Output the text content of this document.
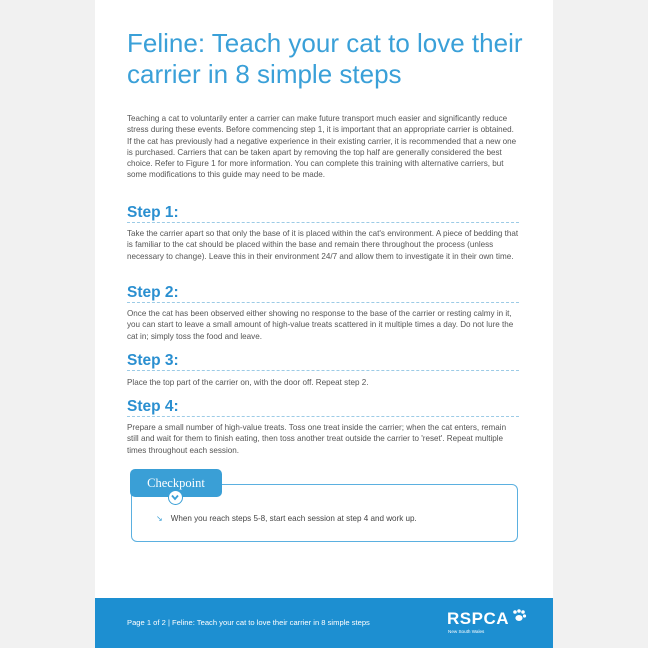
Feline: Teach your cat to love their carrier in 8 simple steps

Teaching a cat to voluntarily enter a carrier can make future transport much easier and significantly reduce stress during these events. Before commencing step 1, it is important that an appropriate carrier is obtained. If the cat has previously had a negative experience in their existing carrier, it is recommended that a new one is purchased. Carriers that can be taken apart by removing the top half are generally considered the best choice. Refer to Figure 1 for more information. You can complete this training with alternative carriers, but some modifications to this guide may need to be made.

Step 1:

Take the carrier apart so that only the base of it is placed within the cat's environment. A piece of bedding that is familiar to the cat should be placed within the base and remain there throughout the process (unless necessary to change). Leave this in their environment 24/7 and allow them to investigate it in their own time.

Step 2:

Once the cat has been observed either showing no response to the base of the carrier or resting calmy in it, you can start to leave a small amount of high-value treats scattered in it multiple times a day. Do not lure the cat in; simply toss the food and leave.

Step 3:

Place the top part of the carrier on, with the door off. Repeat step 2.

Step 4:

Prepare a small number of high-value treats. Toss one treat inside the carrier; when the cat enters, remain still and wait for them to finish eating, then toss another treat outside the carrier to 'reset'. Repeat multiple times throughout each session.

Checkpoint
↘ When you reach steps 5-8, start each session at step 4 and work up.
Page 1 of 2 | Feline: Teach your cat to love their carrier in 8 simple steps	RSPCA
New South Wales
